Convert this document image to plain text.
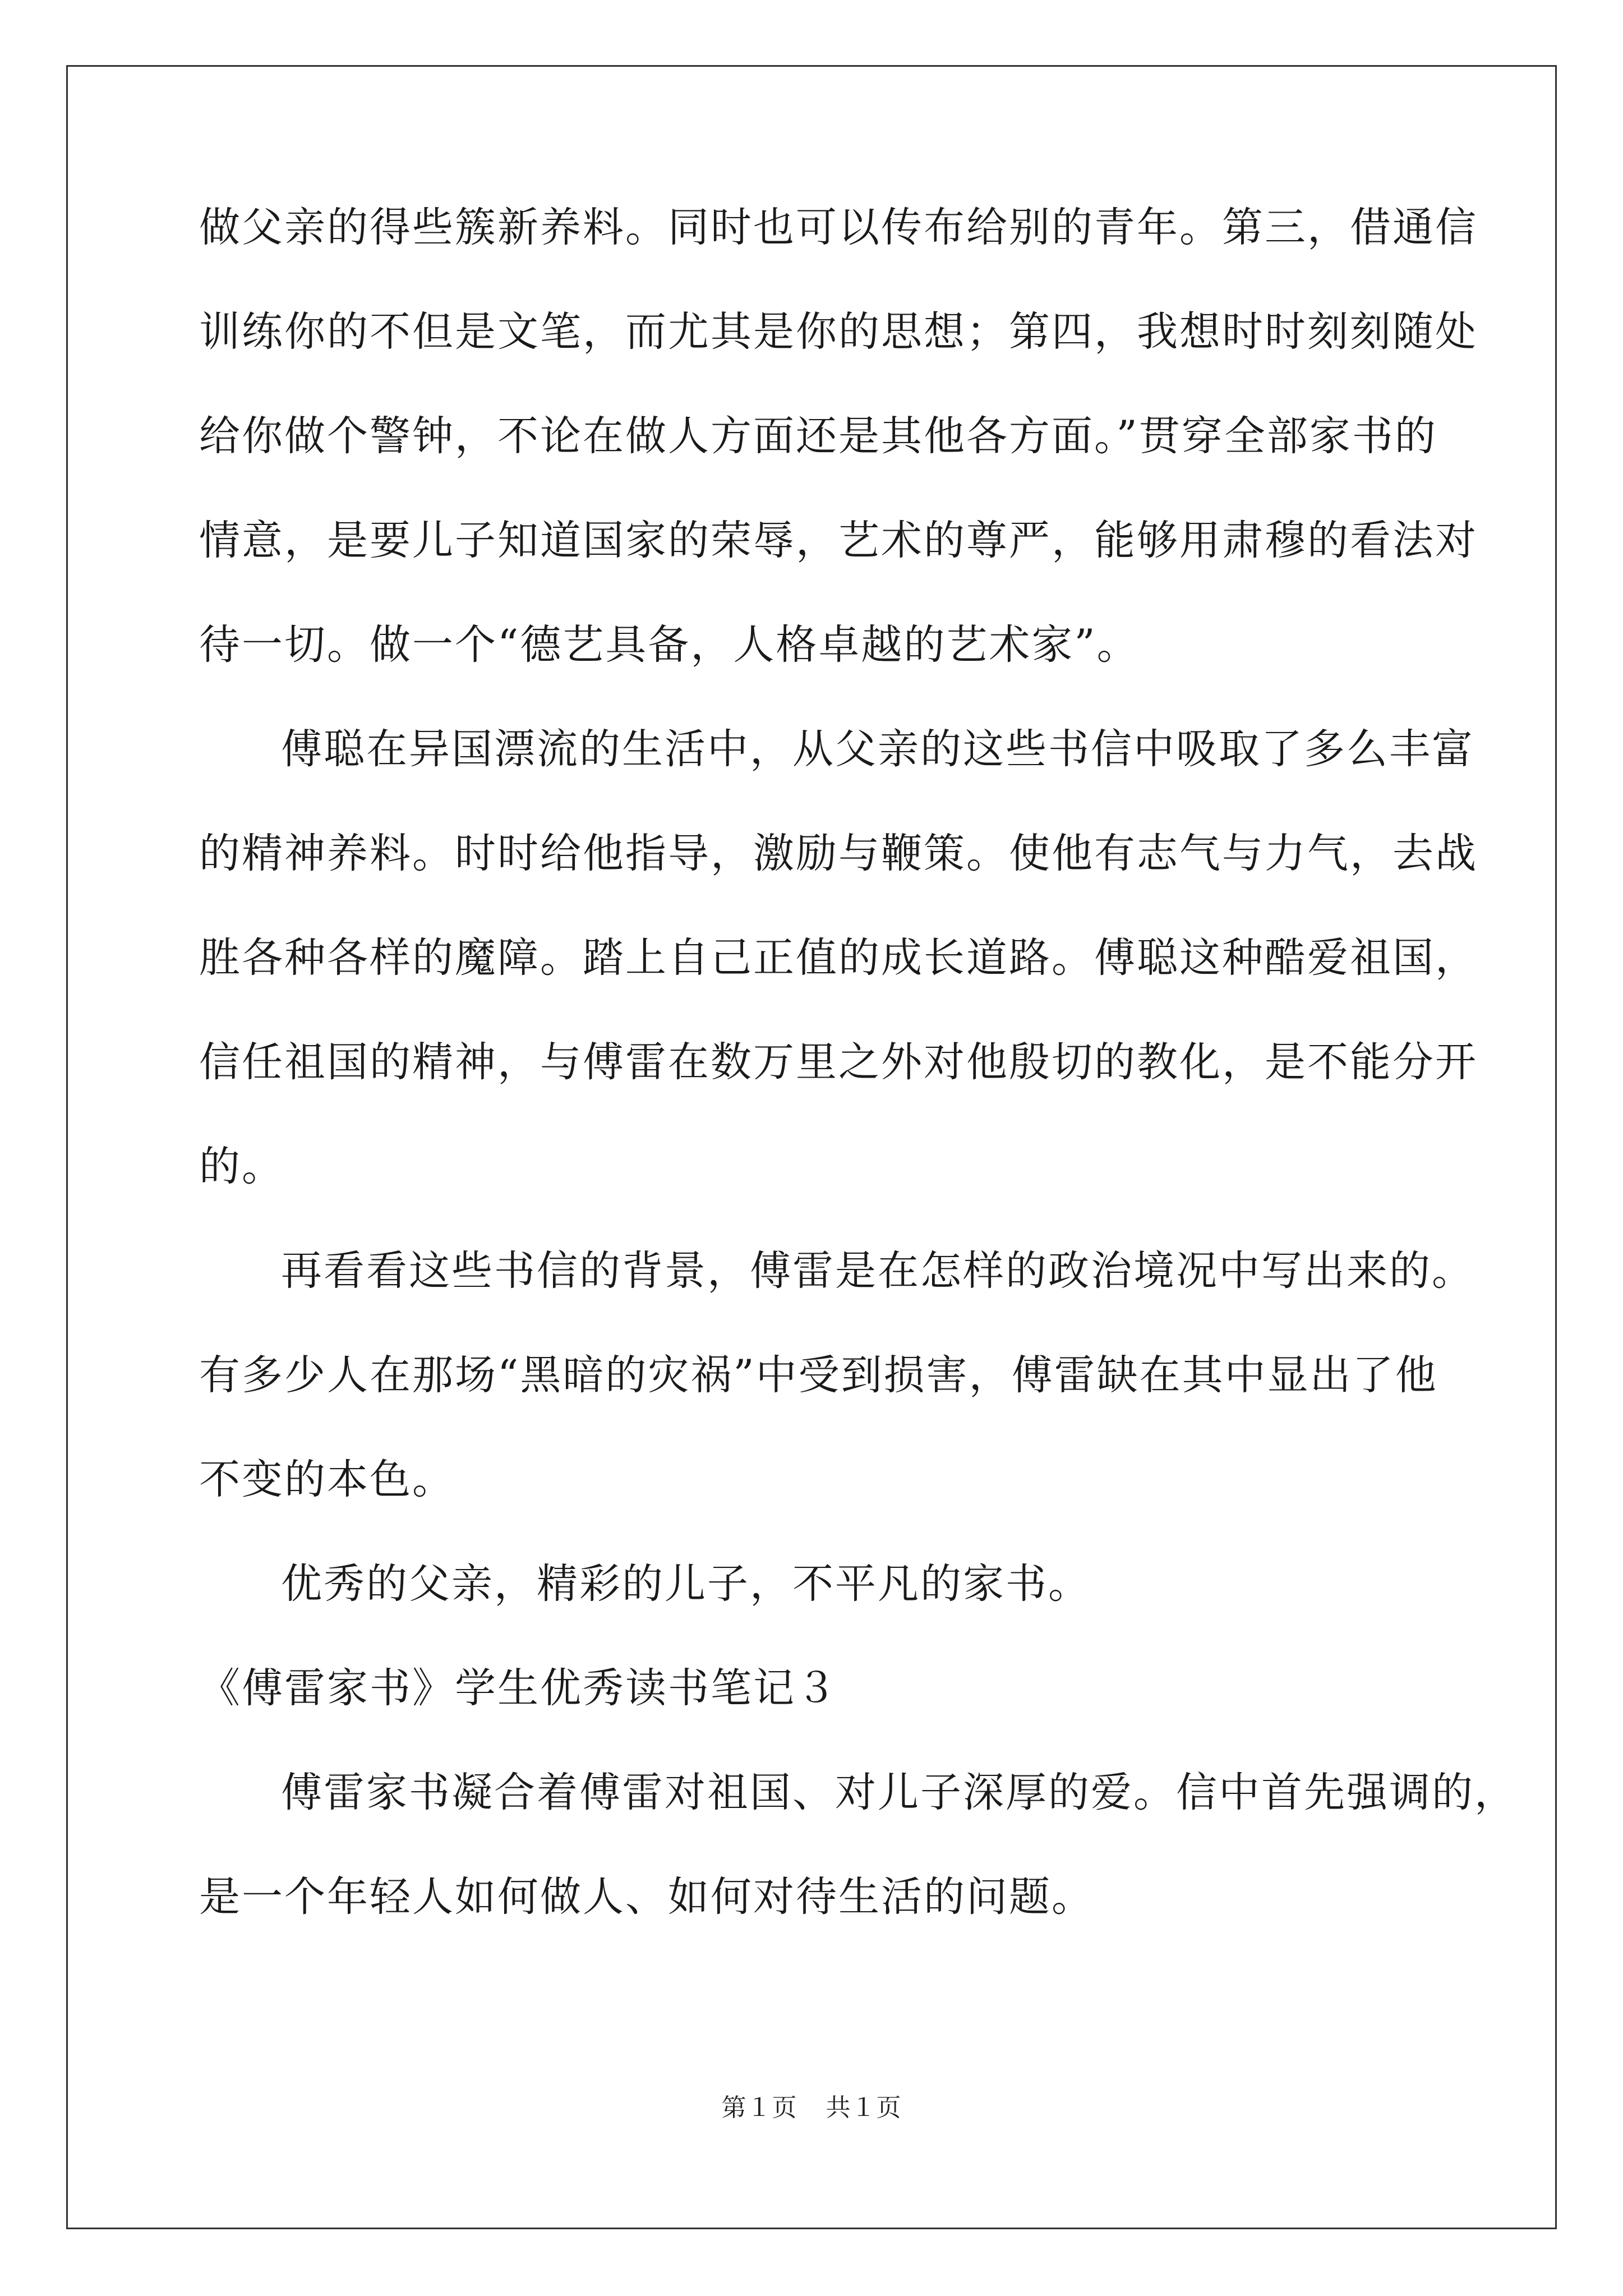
做父亲的得些簇新养料。同时也可以传布给别的青年。第三，借通信

训练你的不但是文笔，而尤其是你的思想；第四，我想时时刻刻随处

给你做个警钟，不论在做人方面还是其他各方面。”贯穿全部家书的

情意，是要儿子知道国家的荣辱，艺术的尊严，能够用肃穆的看法对

待一切。做一个“德艺具备，人格卓越的艺术家”。

傅聪在异国漂流的生活中，从父亲的这些书信中吸取了多么丰富

的精神养料。时时给他指导，激励与鞭策。使他有志气与力气，去战

胜各种各样的魔障。踏上自己正值的成长道路。傅聪这种酷爱祖国，

信任祖国的精神，与傅雷在数万里之外对他殷切的教化，是不能分开

的。

再看看这些书信的背景，傅雷是在怎样的政治境况中写出来的。

有多少人在那场“黑暗的灾祸”中受到损害，傅雷缺在其中显出了他

不变的本色。

优秀的父亲，精彩的儿子，不平凡的家书。

《傅雷家书》学生优秀读书笔记３

傅雷家书凝合着傅雷对祖国、对儿子深厚的爱。信中首先强调的，

是一个年轻人如何做人、如何对待生活的问题。

第１页 共１页
